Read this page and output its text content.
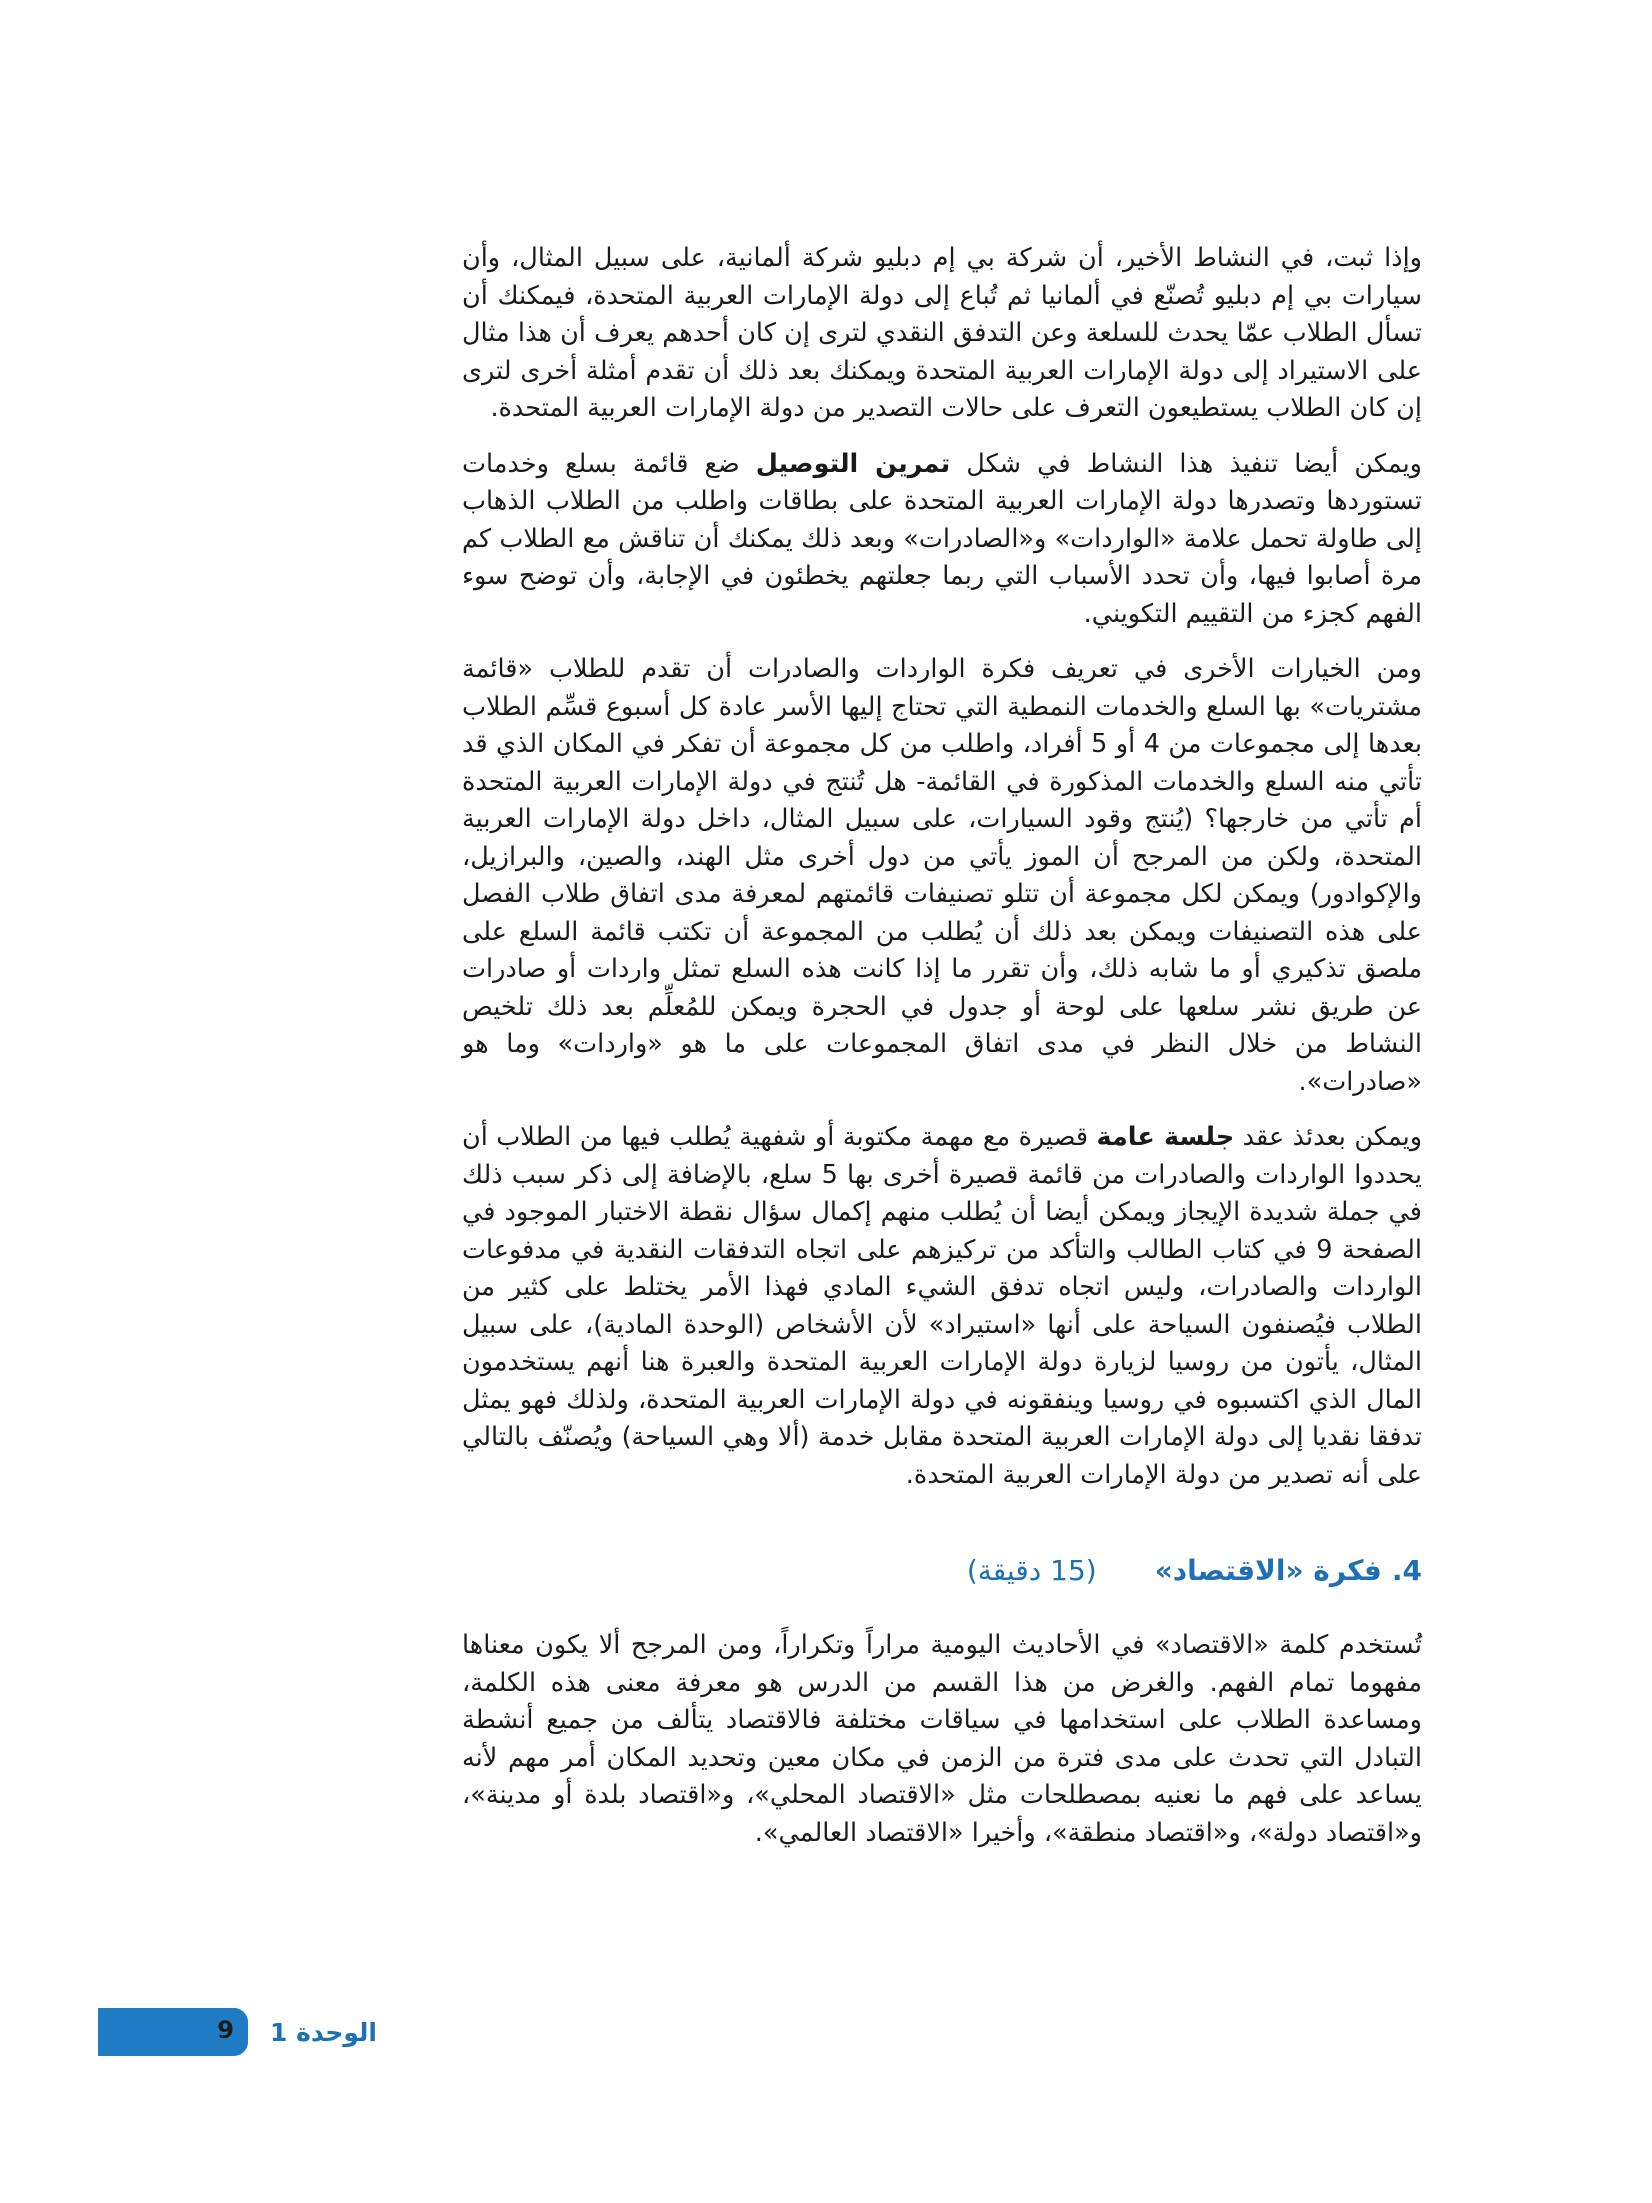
وإذا ثبت، في النشاط الأخير، أن شركة بي إم دبليو شركة ألمانية، على سبيل المثال، وأن سيارات بي إم دبليو تُصنّع في ألمانيا ثم تُباع إلى دولة الإمارات العربية المتحدة، فيمكنك أن تسأل الطلاب عمّا يحدث للسلعة وعن التدفق النقدي لترى إن كان أحدهم يعرف أن هذا مثال على الاستيراد إلى دولة الإمارات العربية المتحدة ويمكنك بعد ذلك أن تقدم أمثلة أخرى لترى إن كان الطلاب يستطيعون التعرف على حالات التصدير من دولة الإمارات العربية المتحدة.

ويمكن أيضا تنفيذ هذا النشاط في شكل تمرين التوصيل ضع قائمة بسلع وخدمات تستوردها وتصدرها دولة الإمارات العربية المتحدة على بطاقات واطلب من الطلاب الذهاب إلى طاولة تحمل علامة «الواردات» و«الصادرات» وبعد ذلك يمكنك أن تناقش مع الطلاب كم مرة أصابوا فيها، وأن تحدد الأسباب التي ربما جعلتهم يخطئون في الإجابة، وأن توضح سوء الفهم كجزء من التقييم التكويني.

ومن الخيارات الأخرى في تعريف فكرة الواردات والصادرات أن تقدم للطلاب «قائمة مشتريات» بها السلع والخدمات النمطية التي تحتاج إليها الأسر عادة كل أسبوع قسِّم الطلاب بعدها إلى مجموعات من 4 أو 5 أفراد، واطلب من كل مجموعة أن تفكر في المكان الذي قد تأتي منه السلع والخدمات المذكورة في القائمة- هل تُنتج في دولة الإمارات العربية المتحدة أم تأتي من خارجها؟ (يُنتج وقود السيارات، على سبيل المثال، داخل دولة الإمارات العربية المتحدة، ولكن من المرجح أن الموز يأتي من دول أخرى مثل الهند، والصين، والبرازيل، والإكوادور) ويمكن لكل مجموعة أن تتلو تصنيفات قائمتهم لمعرفة مدى اتفاق طلاب الفصل على هذه التصنيفات ويمكن بعد ذلك أن يُطلب من المجموعة أن تكتب قائمة السلع على ملصق تذكيري أو ما شابه ذلك، وأن تقرر ما إذا كانت هذه السلع تمثل واردات أو صادرات عن طريق نشر سلعها على لوحة أو جدول في الحجرة ويمكن للمُعلِّم بعد ذلك تلخيص النشاط من خلال النظر في مدى اتفاق المجموعات على ما هو «واردات» وما هو «صادرات».

ويمكن بعدئذ عقد جلسة عامة قصيرة مع مهمة مكتوبة أو شفهية يُطلب فيها من الطلاب أن يحددوا الواردات والصادرات من قائمة قصيرة أخرى بها 5 سلع، بالإضافة إلى ذكر سبب ذلك في جملة شديدة الإيجاز ويمكن أيضا أن يُطلب منهم إكمال سؤال نقطة الاختبار الموجود في الصفحة 9 في كتاب الطالب والتأكد من تركيزهم على اتجاه التدفقات النقدية في مدفوعات الواردات والصادرات، وليس اتجاه تدفق الشيء المادي فهذا الأمر يختلط على كثير من الطلاب فيُصنفون السياحة على أنها «استيراد» لأن الأشخاص (الوحدة المادية)، على سبيل المثال، يأتون من روسيا لزيارة دولة الإمارات العربية المتحدة والعبرة هنا أنهم يستخدمون المال الذي اكتسبوه في روسيا وينفقونه في دولة الإمارات العربية المتحدة، ولذلك فهو يمثل تدفقا نقديا إلى دولة الإمارات العربية المتحدة مقابل خدمة (ألا وهي السياحة) ويُصنّف بالتالي على أنه تصدير من دولة الإمارات العربية المتحدة.

4.
فكرة «الاقتصاد»
(15 دقيقة)

تُستخدم كلمة «الاقتصاد» في الأحاديث اليومية مراراً وتكراراً، ومن المرجح ألا يكون معناها مفهوما تمام الفهم. والغرض من هذا القسم من الدرس هو معرفة معنى هذه الكلمة، ومساعدة الطلاب على استخدامها في سياقات مختلفة فالاقتصاد يتألف من جميع أنشطة التبادل التي تحدث على مدى فترة من الزمن في مكان معين وتحديد المكان أمر مهم لأنه يساعد على فهم ما نعنيه بمصطلحات مثل «الاقتصاد المحلي»، و«اقتصاد بلدة أو مدينة»، و«اقتصاد دولة»، و«اقتصاد منطقة»، وأخيرا «الاقتصاد العالمي».

9 الوحدة 1
